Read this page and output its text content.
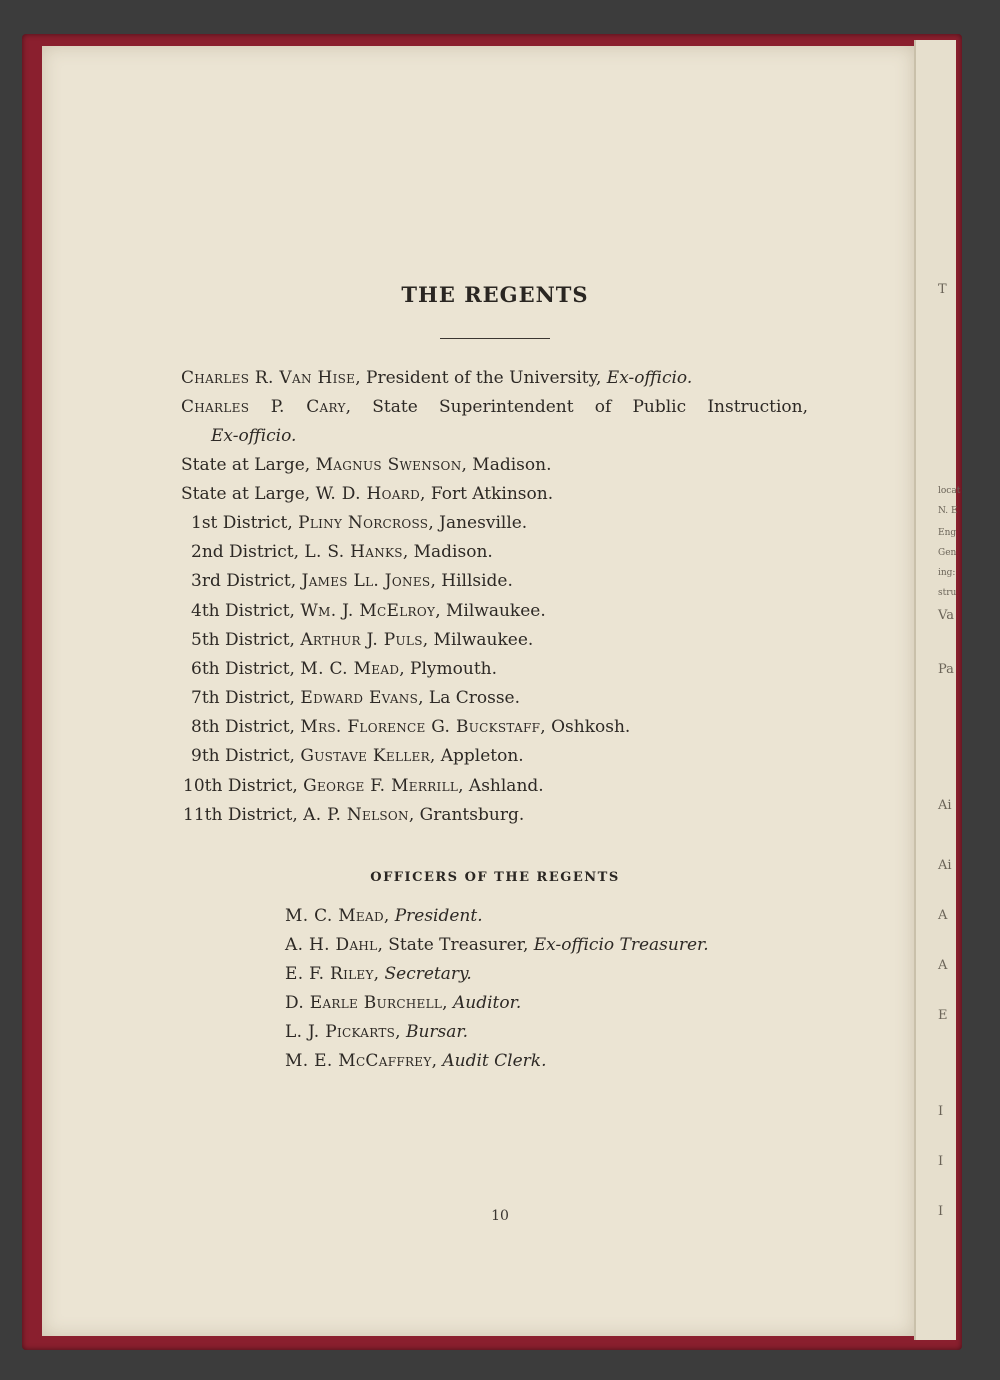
T
locat
N. E
Eng
Gen
ing:
stru
Va
Pa
Ai
Ai
A
A
E
I
I
I
THE REGENTS
Charles R. Van Hise, President of the University, Ex-officio.
Charles P. Cary, State Superintendent of Public Instruction,
Ex-officio.
State at Large, Magnus Swenson, Madison.
State at Large, W. D. Hoard, Fort Atkinson.
1st District, Pliny Norcross, Janesville.
2nd District, L. S. Hanks, Madison.
3rd District, James Ll. Jones, Hillside.
4th District, Wm. J. McElroy, Milwaukee.
5th District, Arthur J. Puls, Milwaukee.
6th District, M. C. Mead, Plymouth.
7th District, Edward Evans, La Crosse.
8th District, Mrs. Florence G. Buckstaff, Oshkosh.
9th District, Gustave Keller, Appleton.
10th District, George F. Merrill, Ashland.
11th District, A. P. Nelson, Grantsburg.
OFFICERS OF THE REGENTS
M. C. Mead, President.
A. H. Dahl, State Treasurer, Ex-officio Treasurer.
E. F. Riley, Secretary.
D. Earle Burchell, Auditor.
L. J. Pickarts, Bursar.
M. E. McCaffrey, Audit Clerk.
10
